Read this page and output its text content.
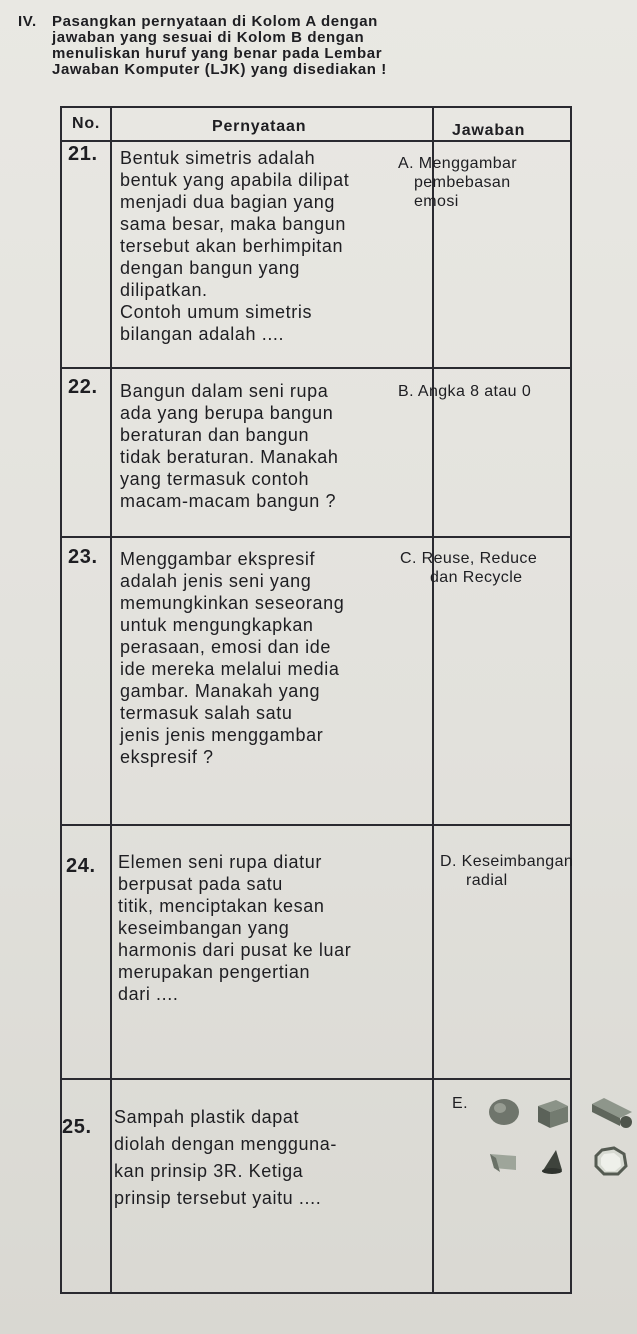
IV. Pasangkan pernyataan di Kolom A dengan
jawaban yang sesuai di Kolom B dengan
menuliskan huruf yang benar pada Lembar
Jawaban Komputer (LJK) yang disediakan !
No.	Pernyataan	Jawaban
21. Bentuk simetris adalah
bentuk yang apabila dilipat
menjadi dua bagian yang
sama besar, maka bangun
tersebut akan berhimpitan
dengan bangun yang
dilipatkan.
Contoh umum simetris
bilangan adalah ....
A. Menggambar
pembebasan
emosi
22. Bangun dalam seni rupa
ada yang berupa bangun
beraturan dan bangun
tidak beraturan. Manakah
yang termasuk contoh
macam-macam bangun ?
B. Angka 8 atau 0
23. Menggambar ekspresif
adalah jenis seni yang
memungkinkan seseorang
untuk mengungkapkan
perasaan, emosi dan ide
ide mereka melalui media
gambar. Manakah yang
termasuk salah satu
jenis jenis menggambar
ekspresif ?
C. Reuse, Reduce
dan Recycle
24. Elemen seni rupa diatur
berpusat pada satu
titik, menciptakan kesan
keseimbangan yang
harmonis dari pusat ke luar
merupakan pengertian
dari ....
D. Keseimbangan
radial
25. Sampah plastik dapat
diolah dengan mengguna-
kan prinsip 3R. Ketiga
prinsip tersebut yaitu ....
E.
